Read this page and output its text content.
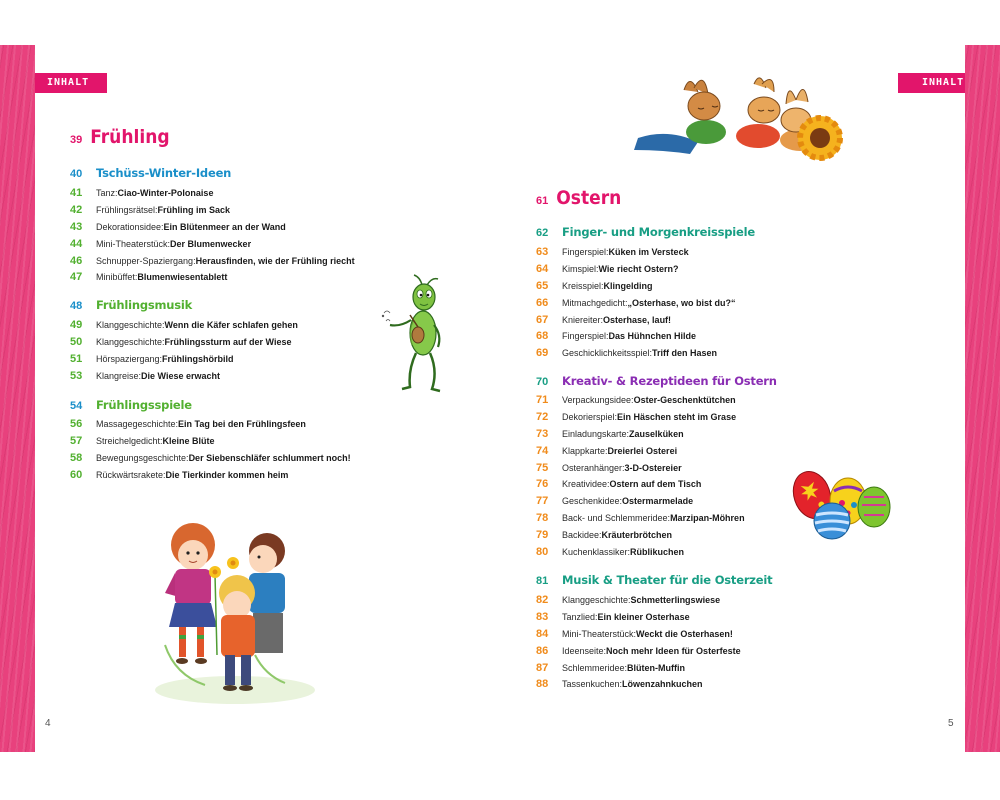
INHALT	INHALT
4	5
39 Frühling
40	Tschüss-Winter-Ideen
41	Tanz: Ciao-Winter-Polonaise
42	Frühlingsrätsel: Frühling im Sack
43	Dekorationsidee: Ein Blütenmeer an der Wand
44	Mini-Theaterstück: Der Blumenwecker
46	Schnupper-Spaziergang: Herausfinden, wie der Frühling riecht
47	Minibüffet: Blumenwiesentablett
48	Frühlingsmusik
49	Klanggeschichte: Wenn die Käfer schlafen gehen
50	Klanggeschichte: Frühlingssturm auf der Wiese
51	Hörspaziergang: Frühlingshörbild
53	Klangreise: Die Wiese erwacht
54	Frühlingsspiele
56	Massagegeschichte: Ein Tag bei den Frühlingsfeen
57	Streichelgedicht: Kleine Blüte
58	Bewegungsgeschichte: Der Siebenschläfer schlummert noch!
60	Rückwärtsrakete: Die Tierkinder kommen heim
61 Ostern
62	Finger- und Morgenkreisspiele
63	Fingerspiel: Küken im Versteck
64	Kimspiel: Wie riecht Ostern?
65	Kreisspiel: Klingelding
66	Mitmachgedicht: „Osterhase, wo bist du?“
67	Kniereiter: Osterhase, lauf!
68	Fingerspiel: Das Hühnchen Hilde
69	Geschicklichkeitsspiel: Triff den Hasen
70	Kreativ- & Rezeptideen für Ostern
71	Verpackungsidee: Oster-Geschenktütchen
72	Dekorierspiel: Ein Häschen steht im Grase
73	Einladungskarte: Zauselküken
74	Klappkarte: Dreierlei Osterei
75	Osteranhänger: 3-D-Ostereier
76	Kreatividee: Ostern auf dem Tisch
77	Geschenkidee: Ostermarmelade
78	Back- und Schlemmeridee: Marzipan-Möhren
79	Backidee: Kräuterbrötchen
80	Kuchenklassiker: Rüblikuchen
81	Musik & Theater für die Osterzeit
82	Klanggeschichte: Schmetterlingswiese
83	Tanzlied: Ein kleiner Osterhase
84	Mini-Theaterstück: Weckt die Osterhasen!
86	Ideenseite: Noch mehr Ideen für Osterfeste
87	Schlemmeridee: Blüten-Muffin
88	Tassenkuchen: Löwenzahnkuchen
